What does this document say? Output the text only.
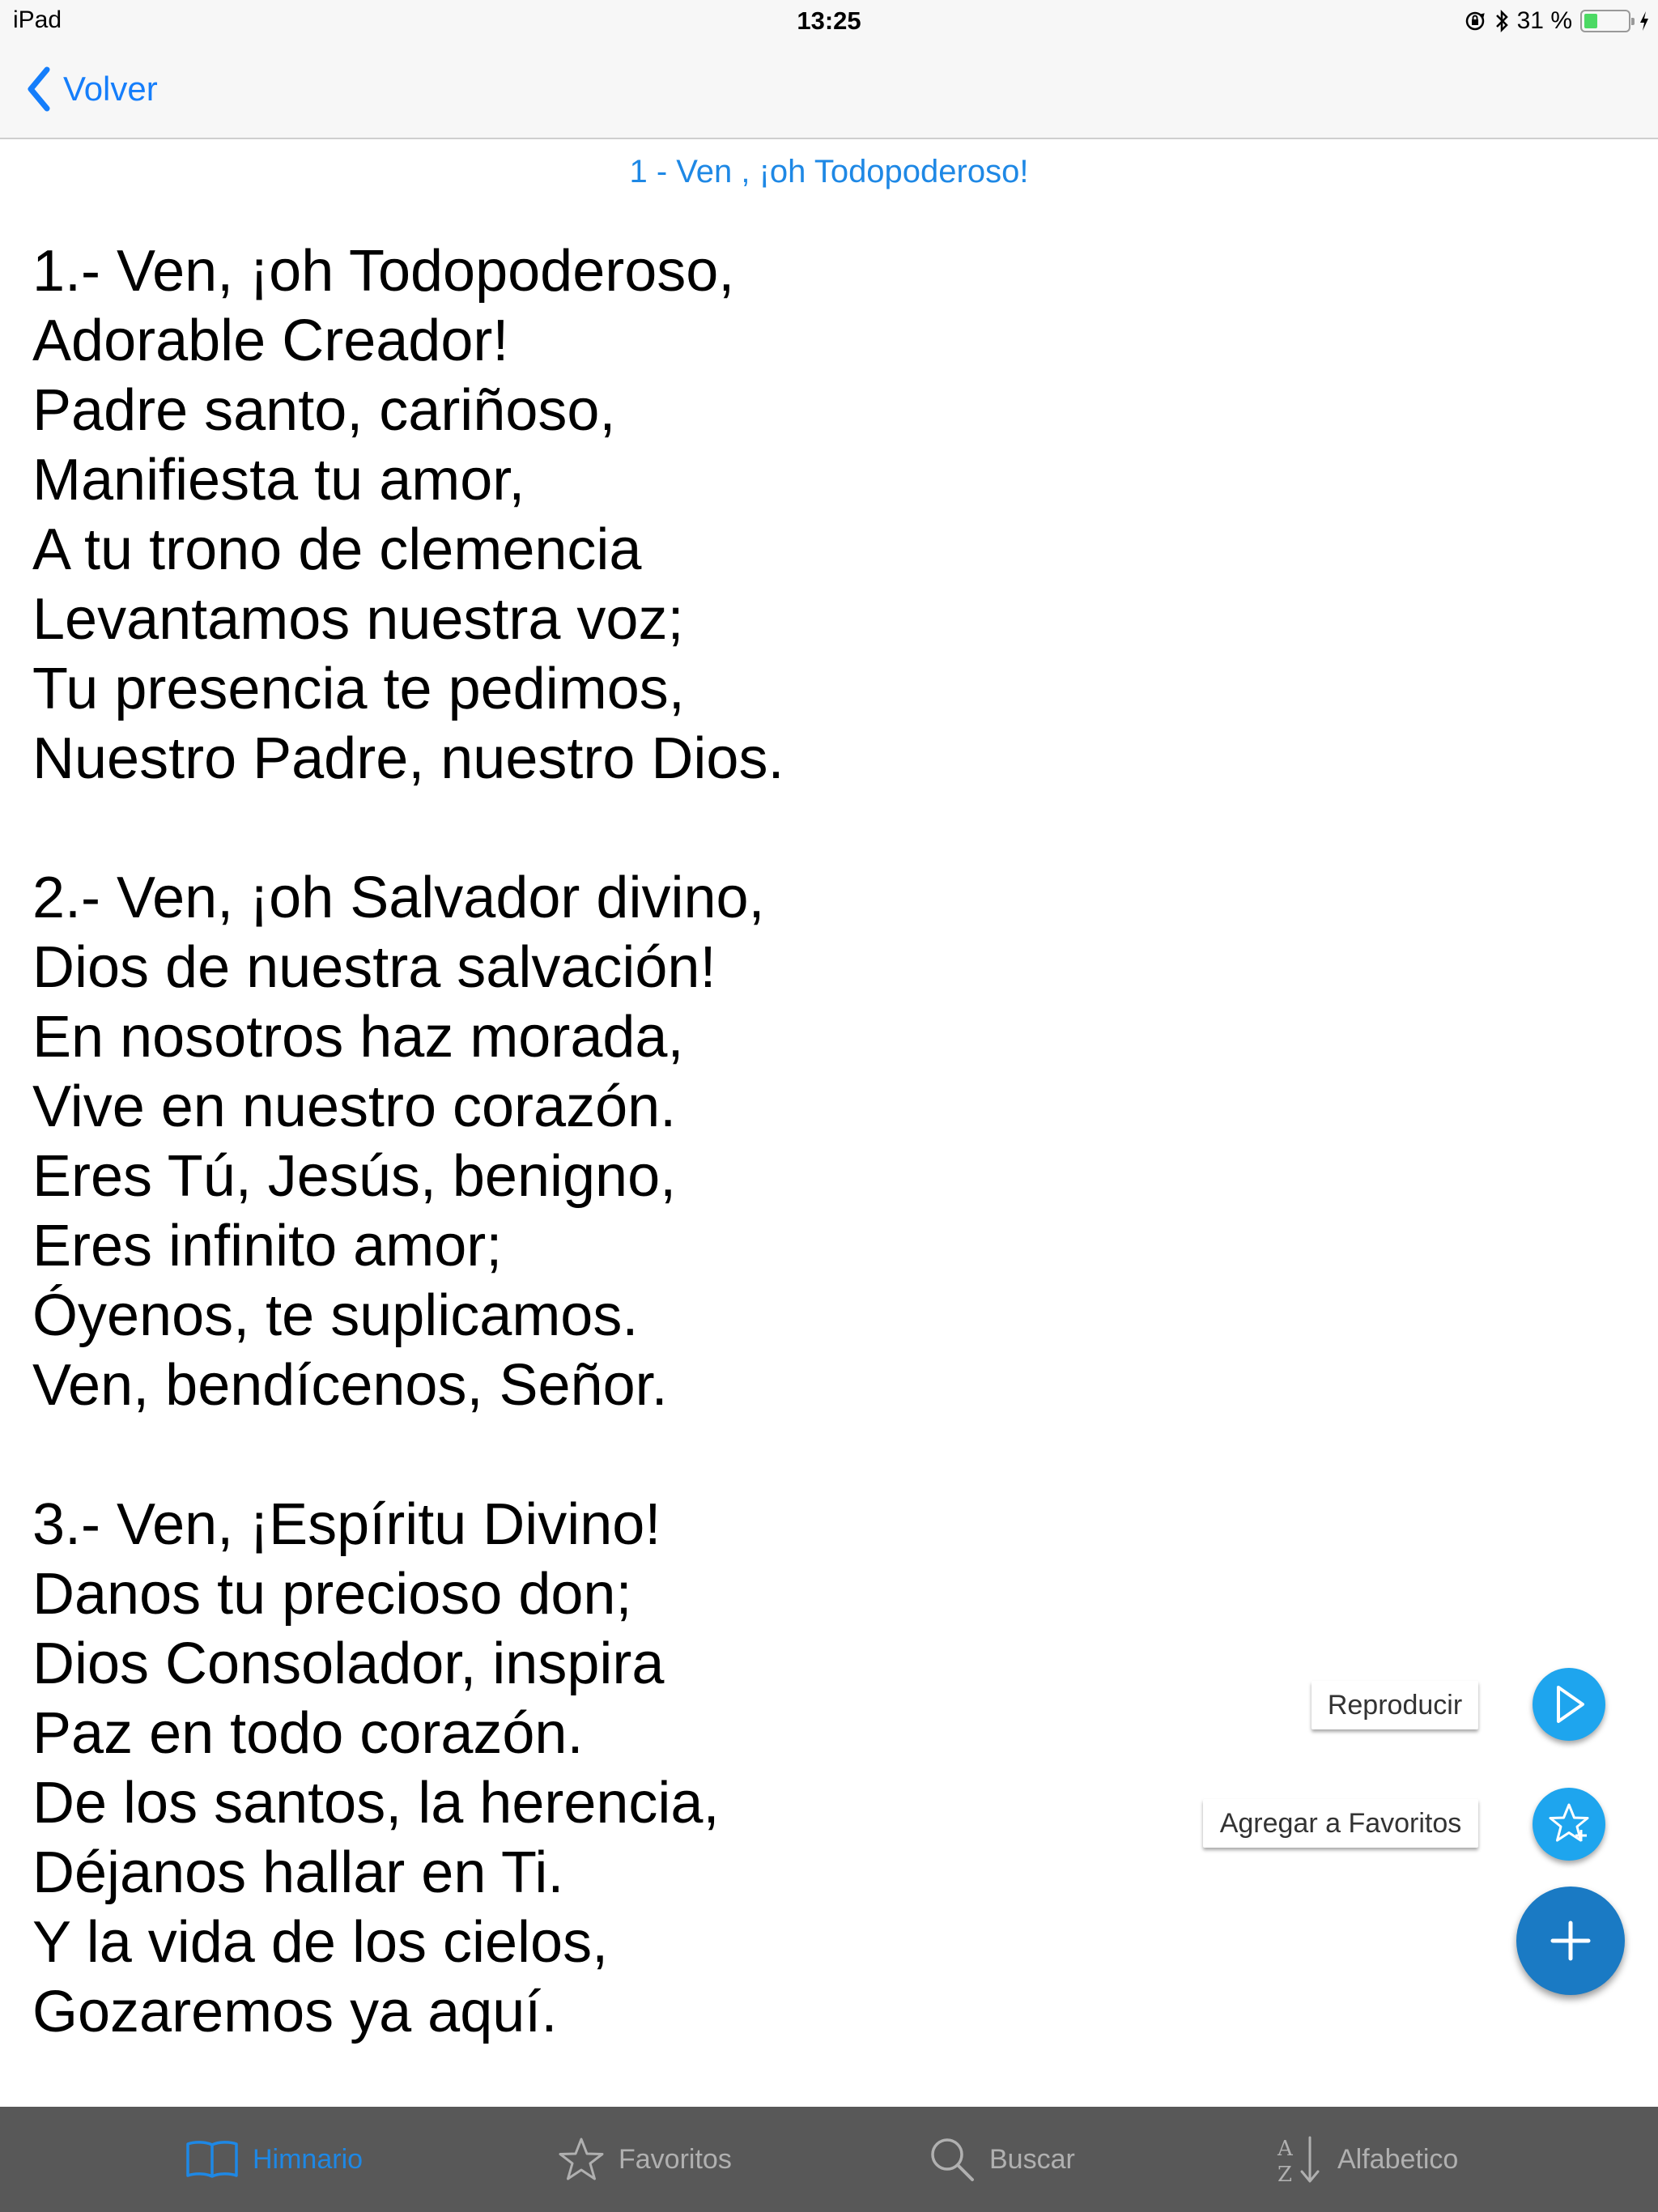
iPad	13:25	31 %
Volver
1 - Ven , ¡oh Todopoderoso!
1.- Ven, ¡oh Todopoderoso,
Adorable Creador!
Padre santo, cariñoso,
Manifiesta tu amor,
A tu trono de clemencia
Levantamos nuestra voz;
Tu presencia te pedimos,
Nuestro Padre, nuestro Dios.
2.- Ven, ¡oh Salvador divino,
Dios de nuestra salvación!
En nosotros haz morada,
Vive en nuestro corazón.
Eres Tú, Jesús, benigno,
Eres infinito amor;
Óyenos, te suplicamos.
Ven, bendícenos, Señor.
3.- Ven, ¡Espíritu Divino!
Danos tu precioso don;
Dios Consolador, inspira
Paz en todo corazón.
De los santos, la herencia,
Déjanos hallar en Ti.
Y la vida de los cielos,
Gozaremos ya aquí.
Reproducir
Agregar a Favoritos
Himnario	Favoritos	Buscar	A
Z
Alfabetico
